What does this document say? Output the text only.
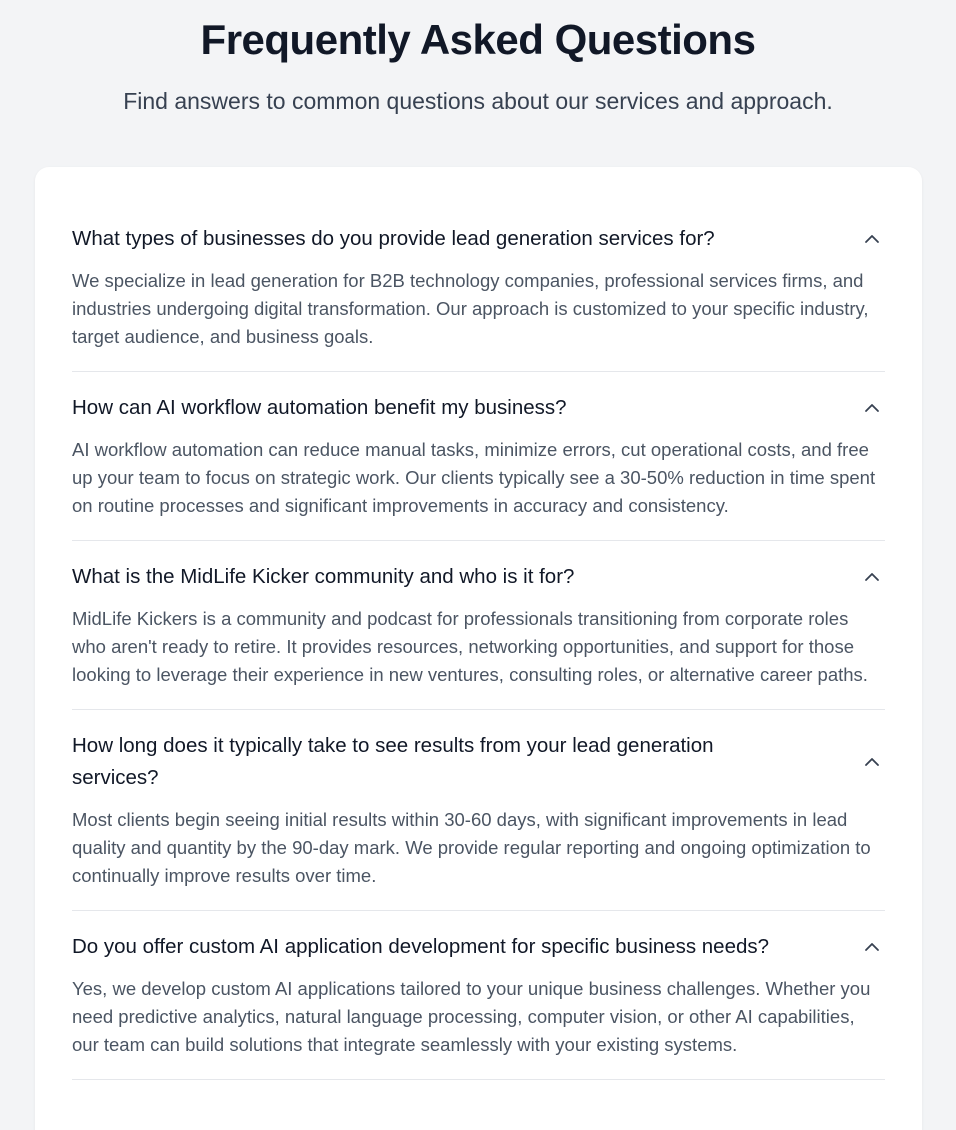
Frequently Asked Questions

Find answers to common questions about our services and approach.

What types of businesses do you provide lead generation services for?

We specialize in lead generation for B2B technology companies, professional services firms, and industries undergoing digital transformation. Our approach is customized to your specific industry, target audience, and business goals.

How can AI workflow automation benefit my business?

AI workflow automation can reduce manual tasks, minimize errors, cut operational costs, and free up your team to focus on strategic work. Our clients typically see a 30-50% reduction in time spent on routine processes and significant improvements in accuracy and consistency.

What is the MidLife Kicker community and who is it for?

MidLife Kickers is a community and podcast for professionals transitioning from corporate roles who aren't ready to retire. It provides resources, networking opportunities, and support for those looking to leverage their experience in new ventures, consulting roles, or alternative career paths.

How long does it typically take to see results from your lead generation services?

Most clients begin seeing initial results within 30-60 days, with significant improvements in lead quality and quantity by the 90-day mark. We provide regular reporting and ongoing optimization to continually improve results over time.

Do you offer custom AI application development for specific business needs?

Yes, we develop custom AI applications tailored to your unique business challenges. Whether you need predictive analytics, natural language processing, computer vision, or other AI capabilities, our team can build solutions that integrate seamlessly with your existing systems.
